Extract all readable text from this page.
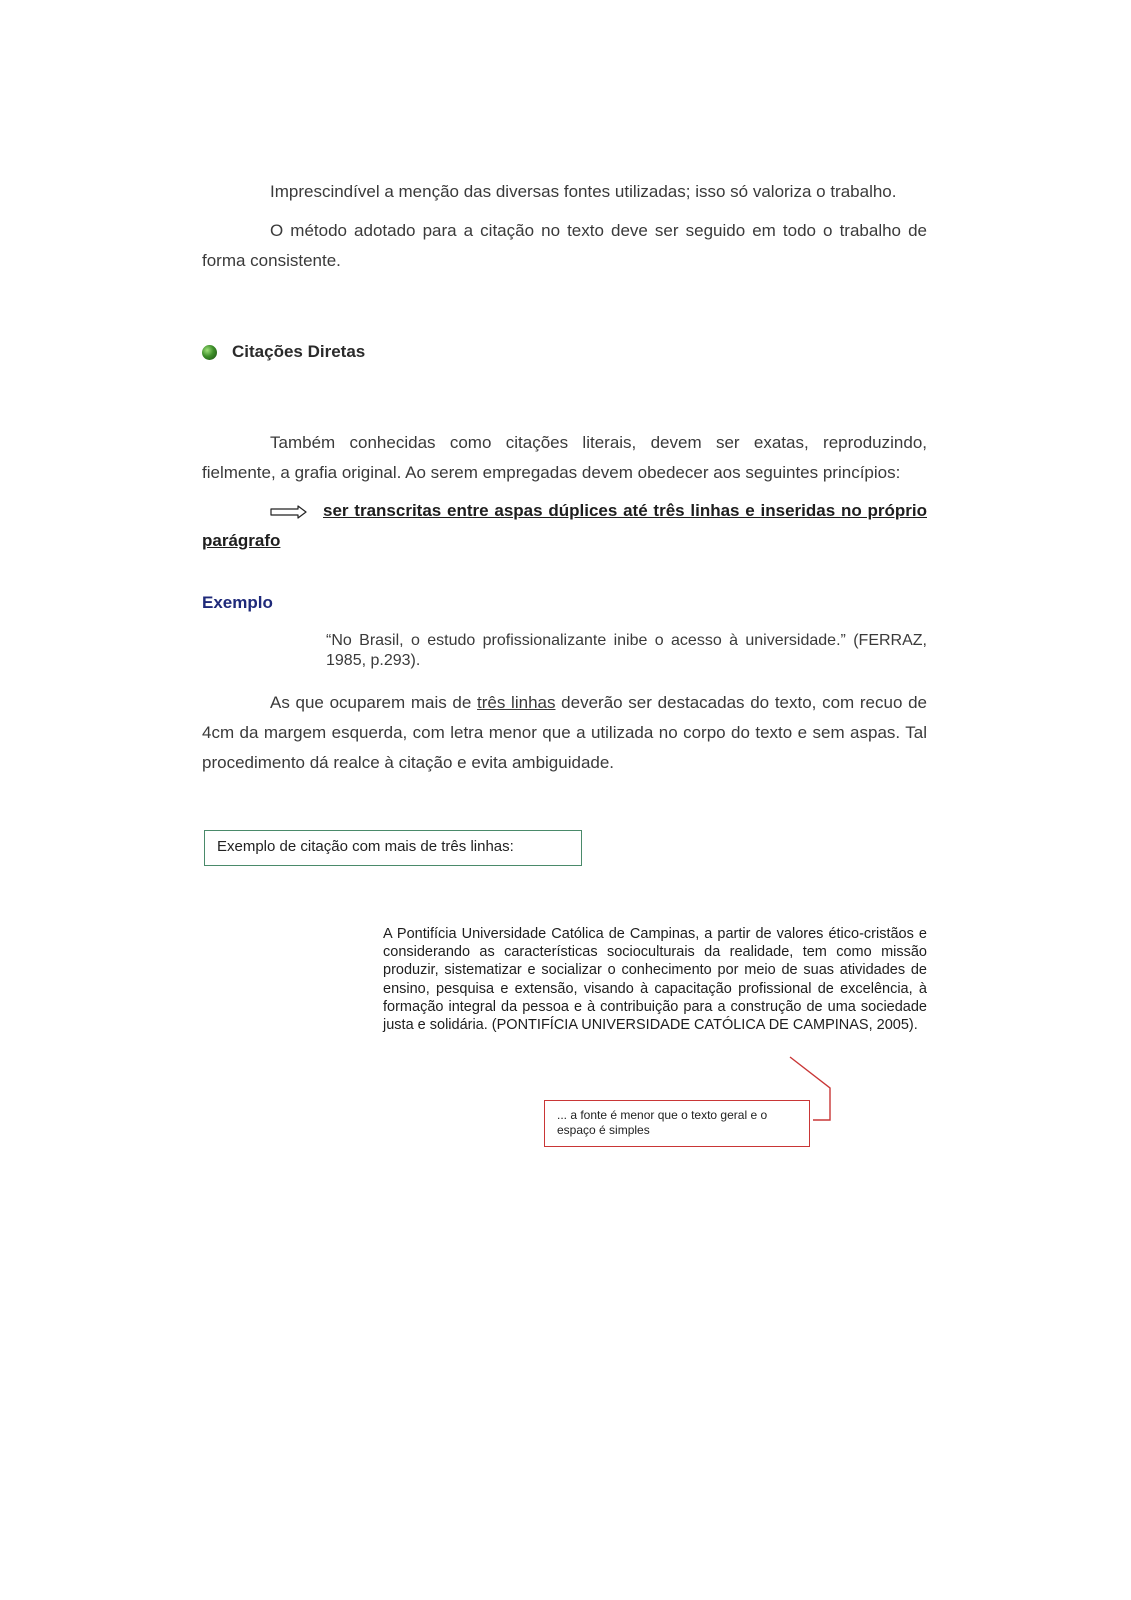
Imprescindível a menção das diversas fontes utilizadas; isso só valoriza o trabalho.

O método adotado para a citação no texto deve ser seguido em todo o trabalho de forma consistente.

Citações Diretas

Também conhecidas como citações literais, devem ser exatas, reproduzindo, fielmente, a grafia original. Ao serem empregadas devem obedecer aos seguintes princípios:

ser transcritas entre aspas dúplices até três linhas e inseridas no próprio parágrafo

Exemplo

“No Brasil, o estudo profissionalizante inibe o acesso à universidade.” (FERRAZ, 1985, p.293).

As que ocuparem mais de três linhas deverão ser destacadas do texto, com recuo de 4cm da margem esquerda, com letra menor que a utilizada no corpo do texto e sem aspas. Tal procedimento dá realce à citação e evita ambiguidade.

Exemplo de citação com mais de três linhas:

A Pontifícia Universidade Católica de Campinas, a partir de valores ético-cristãos e considerando as características socioculturais da realidade, tem como missão produzir, sistematizar e socializar o conhecimento por meio de suas atividades de ensino, pesquisa e extensão, visando à capacitação profissional de excelência, à formação integral da pessoa e à contribuição para a construção de uma sociedade justa e solidária. (PONTIFÍCIA UNIVERSIDADE CATÓLICA DE CAMPINAS, 2005).

... a fonte é menor que o texto geral e o espaço é simples
